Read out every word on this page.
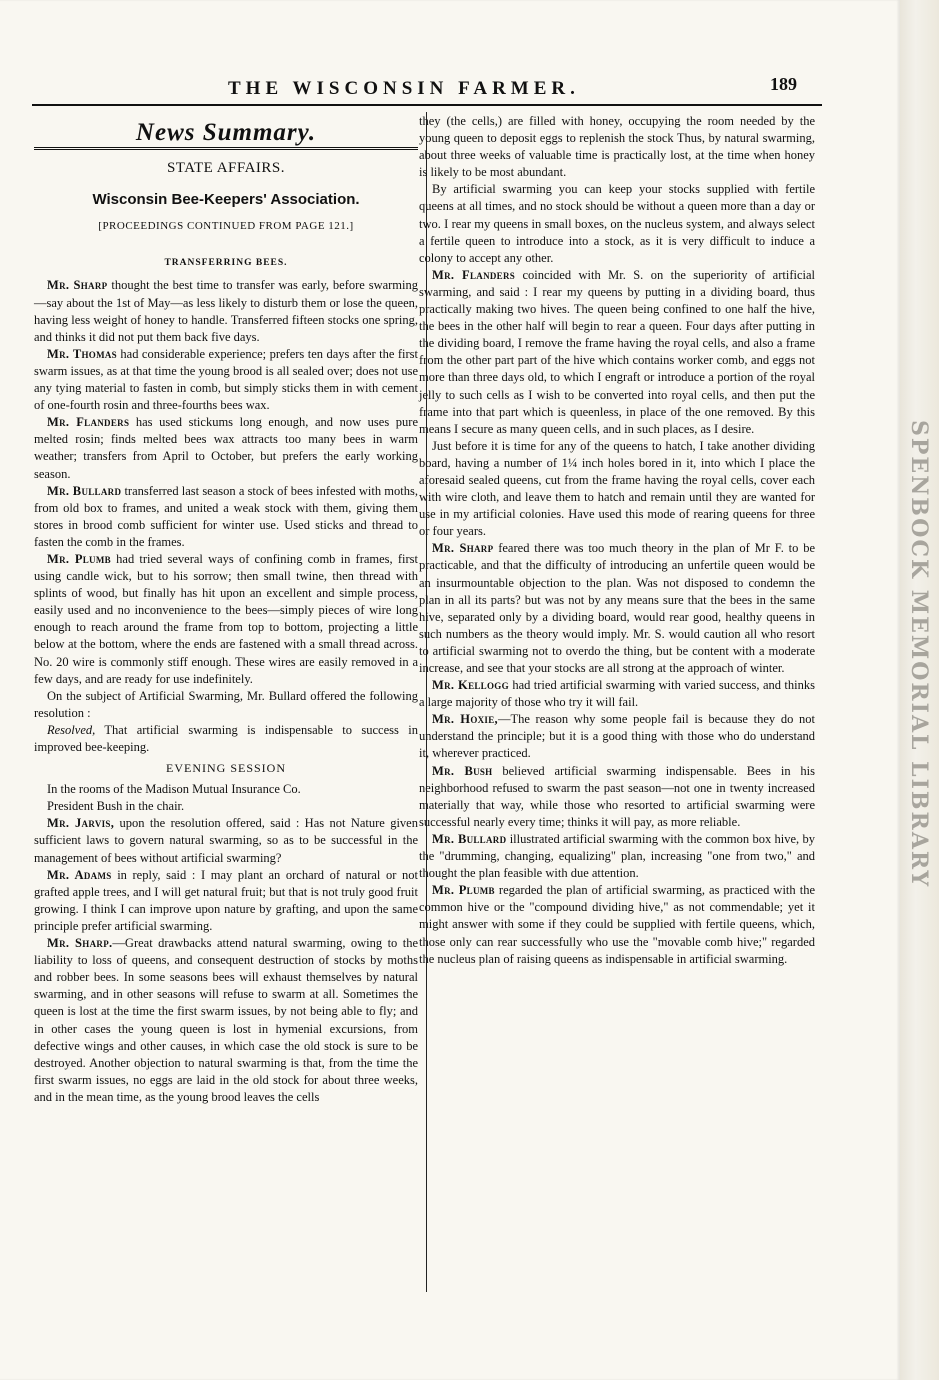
THE WISCONSIN FARMER.	189
News Summary.
STATE AFFAIRS.
Wisconsin Bee-Keepers' Association.
[PROCEEDINGS CONTINUED FROM PAGE 121.]
TRANSFERRING BEES.

Mr. Sharp thought the best time to transfer was early, before swarming—say about the 1st of May—as less likely to disturb them or lose the queen, having less weight of honey to handle. Transferred fifteen stocks one spring, and thinks it did not put them back five days.

Mr. Thomas had considerable experience; prefers ten days after the first swarm issues, as at that time the young brood is all sealed over; does not use any tying material to fasten in comb, but simply sticks them in with cement of one-fourth rosin and three-fourths bees wax.

Mr. Flanders has used stickums long enough, and now uses pure melted rosin; finds melted bees wax attracts too many bees in warm weather; transfers from April to October, but prefers the early working season.

Mr. Bullard transferred last season a stock of bees infested with moths, from old box to frames, and united a weak stock with them, giving them stores in brood comb sufficient for winter use. Used sticks and thread to fasten the comb in the frames.

Mr. Plumb had tried several ways of confining comb in frames, first using candle wick, but to his sorrow; then small twine, then thread with splints of wood, but finally has hit upon an excellent and simple process, easily used and no inconvenience to the bees—simply pieces of wire long enough to reach around the frame from top to bottom, projecting a little below at the bottom, where the ends are fastened with a small thread across. No. 20 wire is commonly stiff enough. These wires are easily removed in a few days, and are ready for use indefinitely.

On the subject of Artificial Swarming, Mr. Bullard offered the following resolution :

Resolved, That artificial swarming is indispensable to success in improved bee-keeping.

EVENING SESSION

In the rooms of the Madison Mutual Insurance Co.

President Bush in the chair.

Mr. Jarvis, upon the resolution offered, said : Has not Nature given sufficient laws to govern natural swarming, so as to be successful in the management of bees without artificial swarming?

Mr. Adams in reply, said : I may plant an orchard of natural or not grafted apple trees, and I will get natural fruit; but that is not truly good fruit growing. I think I can improve upon nature by grafting, and upon the same principle prefer artificial swarming.

Mr. Sharp.—Great drawbacks attend natural swarming, owing to the liability to loss of queens, and consequent destruction of stocks by moths and robber bees. In some seasons bees will exhaust themselves by natural swarming, and in other seasons will refuse to swarm at all. Sometimes the queen is lost at the time the first swarm issues, by not being able to fly; and in other cases the young queen is lost in hymenial excursions, from defective wings and other causes, in which case the old stock is sure to be destroyed. Another objection to natural swarming is that, from the time the first swarm issues, no eggs are laid in the old stock for about three weeks, and in the mean time, as the young brood leaves the cells

they (the cells,) are filled with honey, occupying the room needed by the young queen to deposit eggs to replenish the stock Thus, by natural swarming, about three weeks of valuable time is practically lost, at the time when honey is likely to be most abundant.

By artificial swarming you can keep your stocks supplied with fertile queens at all times, and no stock should be without a queen more than a day or two. I rear my queens in small boxes, on the nucleus system, and always select a fertile queen to introduce into a stock, as it is very difficult to induce a colony to accept any other.

Mr. Flanders coincided with Mr. S. on the superiority of artificial swarming, and said : I rear my queens by putting in a dividing board, thus practically making two hives. The queen being confined to one half the hive, the bees in the other half will begin to rear a queen. Four days after putting in the dividing board, I remove the frame having the royal cells, and also a frame from the other part part of the hive which contains worker comb, and eggs not more than three days old, to which I engraft or introduce a portion of the royal jelly to such cells as I wish to be converted into royal cells, and then put the frame into that part which is queenless, in place of the one removed. By this means I secure as many queen cells, and in such places, as I desire.

Just before it is time for any of the queens to hatch, I take another dividing board, having a number of 1¼ inch holes bored in it, into which I place the aforesaid sealed queens, cut from the frame having the royal cells, cover each with wire cloth, and leave them to hatch and remain until they are wanted for use in my artificial colonies. Have used this mode of rearing queens for three or four years.

Mr. Sharp feared there was too much theory in the plan of Mr F. to be practicable, and that the difficulty of introducing an unfertile queen would be an insurmountable objection to the plan. Was not disposed to condemn the plan in all its parts? but was not by any means sure that the bees in the same hive, separated only by a dividing board, would rear good, healthy queens in such numbers as the theory would imply. Mr. S. would caution all who resort to artificial swarming not to overdo the thing, but be content with a moderate increase, and see that your stocks are all strong at the approach of winter.

Mr. Kellogg had tried artificial swarming with varied success, and thinks a large majority of those who try it will fail.

Mr. Hoxie,—The reason why some people fail is because they do not understand the principle; but it is a good thing with those who do understand it, wherever practiced.

Mr. Bush believed artificial swarming indispensable. Bees in his neighborhood refused to swarm the past season—not one in twenty increased materially that way, while those who resorted to artificial swarming were successful nearly every time; thinks it will pay, as more reliable.

Mr. Bullard illustrated artificial swarming with the common box hive, by the "drumming, changing, equalizing" plan, increasing "one from two," and thought the plan feasible with due attention.

Mr. Plumb regarded the plan of artificial swarming, as practiced with the common hive or the "compound dividing hive," as not commendable; yet it might answer with some if they could be supplied with fertile queens, which, those only can rear successfully who use the "movable comb hive;" regarded the nucleus plan of raising queens as indispensable in artificial swarming.

SPENBOCK MEMORIAL LIBRARY
